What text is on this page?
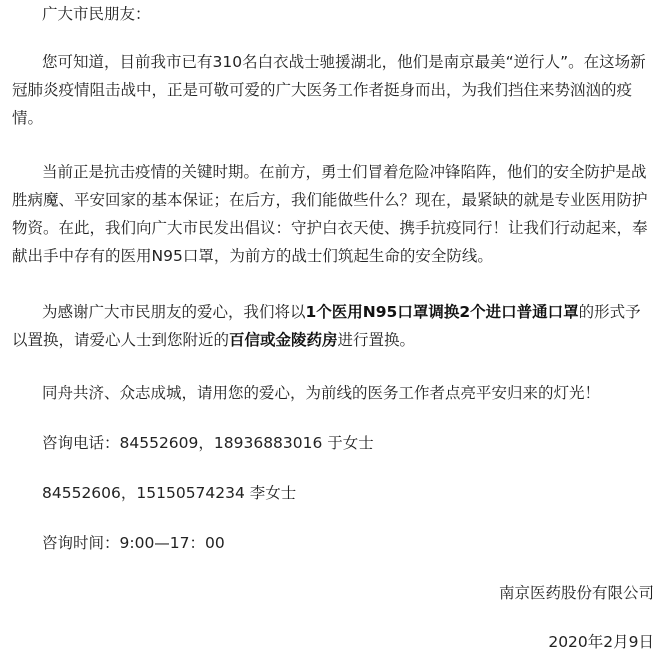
广大市民朋友：
您可知道，目前我市已有310名白衣战士驰援湖北，他们是南京最美“逆行人”。在这场新冠肺炎疫情阻击战中，正是可敬可爱的广大医务工作者挺身而出，为我们挡住来势汹汹的疫情。
当前正是抗击疫情的关键时期。在前方，勇士们冒着危险冲锋陷阵，他们的安全防护是战胜病魔、平安回家的基本保证；在后方，我们能做些什么？现在，最紧缺的就是专业医用防护物资。在此，我们向广大市民发出倡议：守护白衣天使、携手抗疫同行！让我们行动起来，奉献出手中存有的医用N95口罩，为前方的战士们筑起生命的安全防线。
为感谢广大市民朋友的爱心，我们将以1个医用N95口罩调换2个进口普通口罩的形式予以置换，请爱心人士到您附近的百信或金陵药房进行置换。
同舟共济、众志成城，请用您的爱心，为前线的医务工作者点亮平安归来的灯光！
咨询电话：84552609，18936883016 于女士
84552606，15150574234 李女士
咨询时间：9:00—17：00
南京医药股份有限公司
2020年2月9日
